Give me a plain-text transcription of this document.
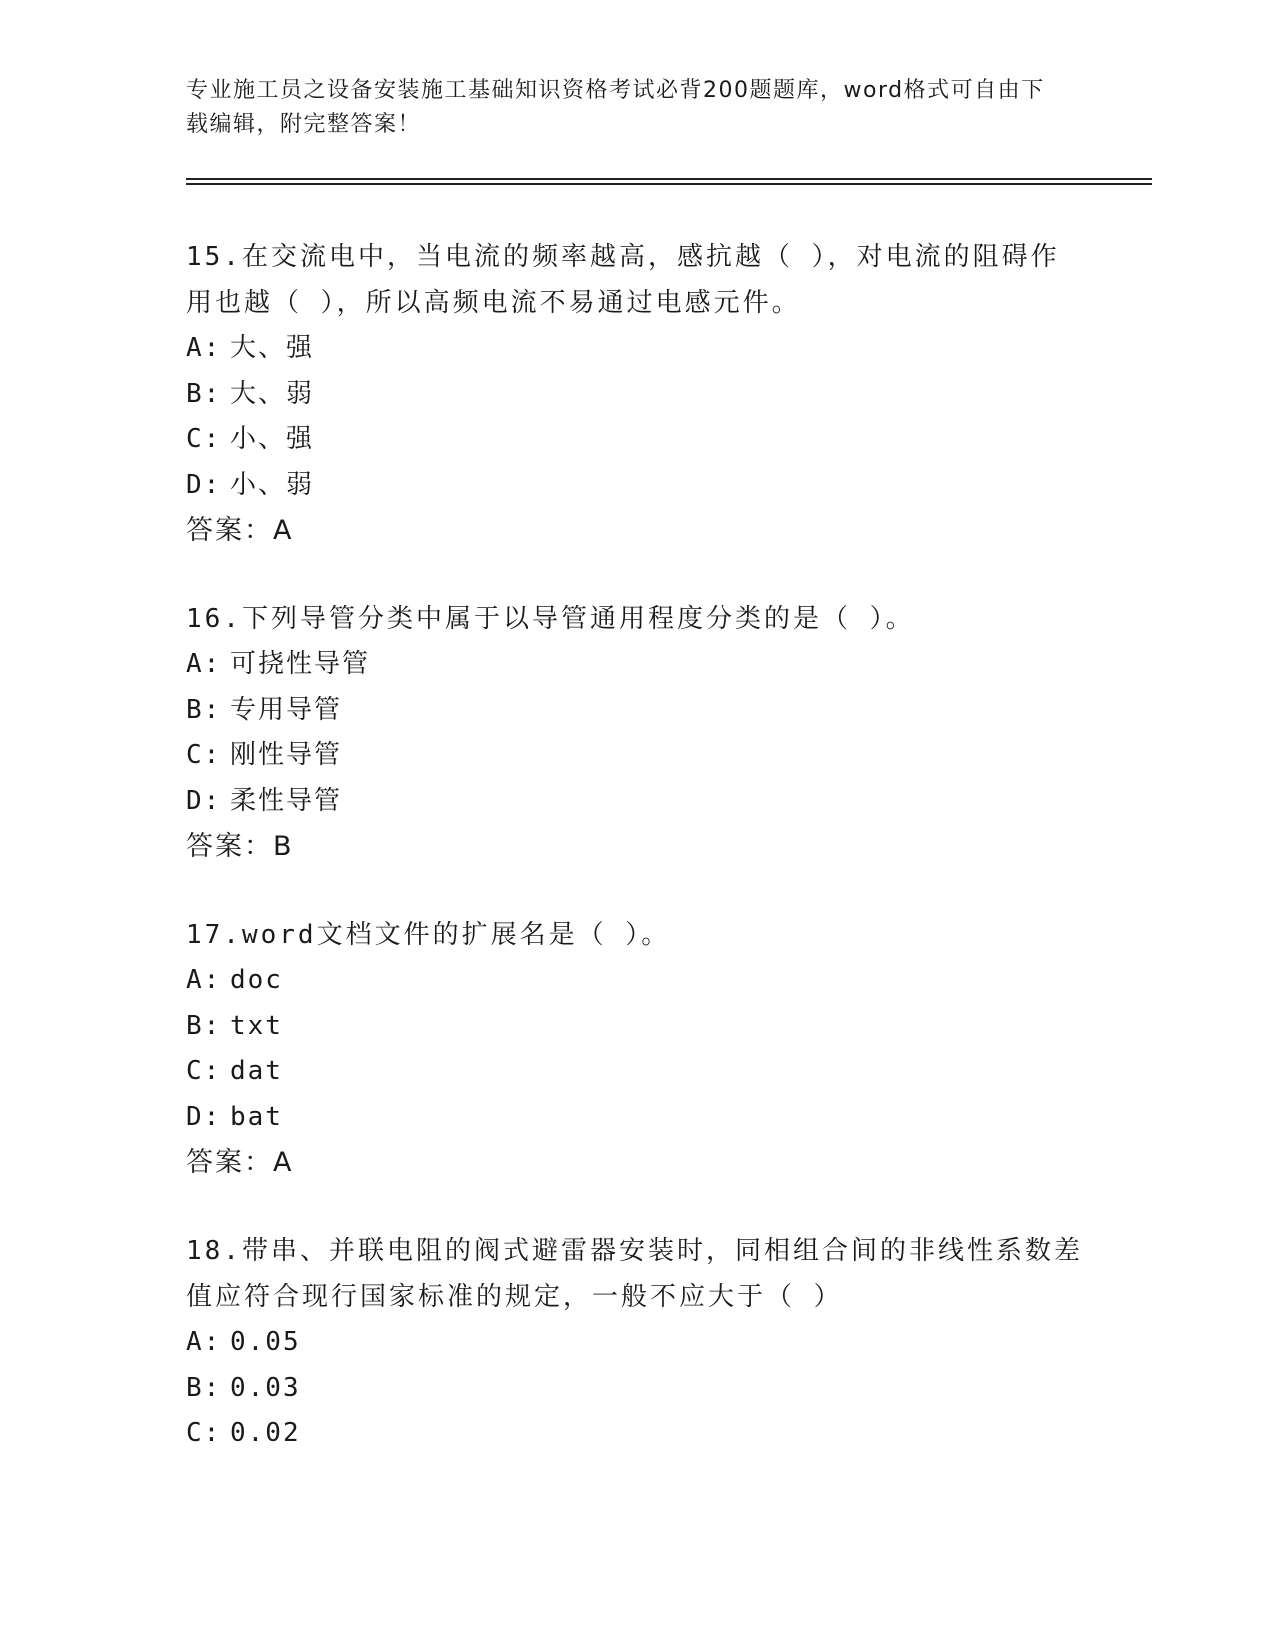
专业施工员之设备安装施工基础知识资格考试必背200题题库，word格式可自由下载编辑，附完整答案！

15.在交流电中，当电流的频率越高，感抗越（ ），对电流的阻碍作用也越（ ），所以高频电流不易通过电感元件。

A: 大、强
B: 大、弱
C: 小、强
D: 小、弱
答案：A

16.下列导管分类中属于以导管通用程度分类的是（ ）。

A: 可挠性导管
B: 专用导管
C: 刚性导管
D: 柔性导管
答案：B

17.word文档文件的扩展名是（ ）。

A: doc
B: txt
C: dat
D: bat
答案：A

18.带串、并联电阻的阀式避雷器安装时，同相组合间的非线性系数差值应符合现行国家标准的规定，一般不应大于（ ）

A: 0.05
B: 0.03
C: 0.02
